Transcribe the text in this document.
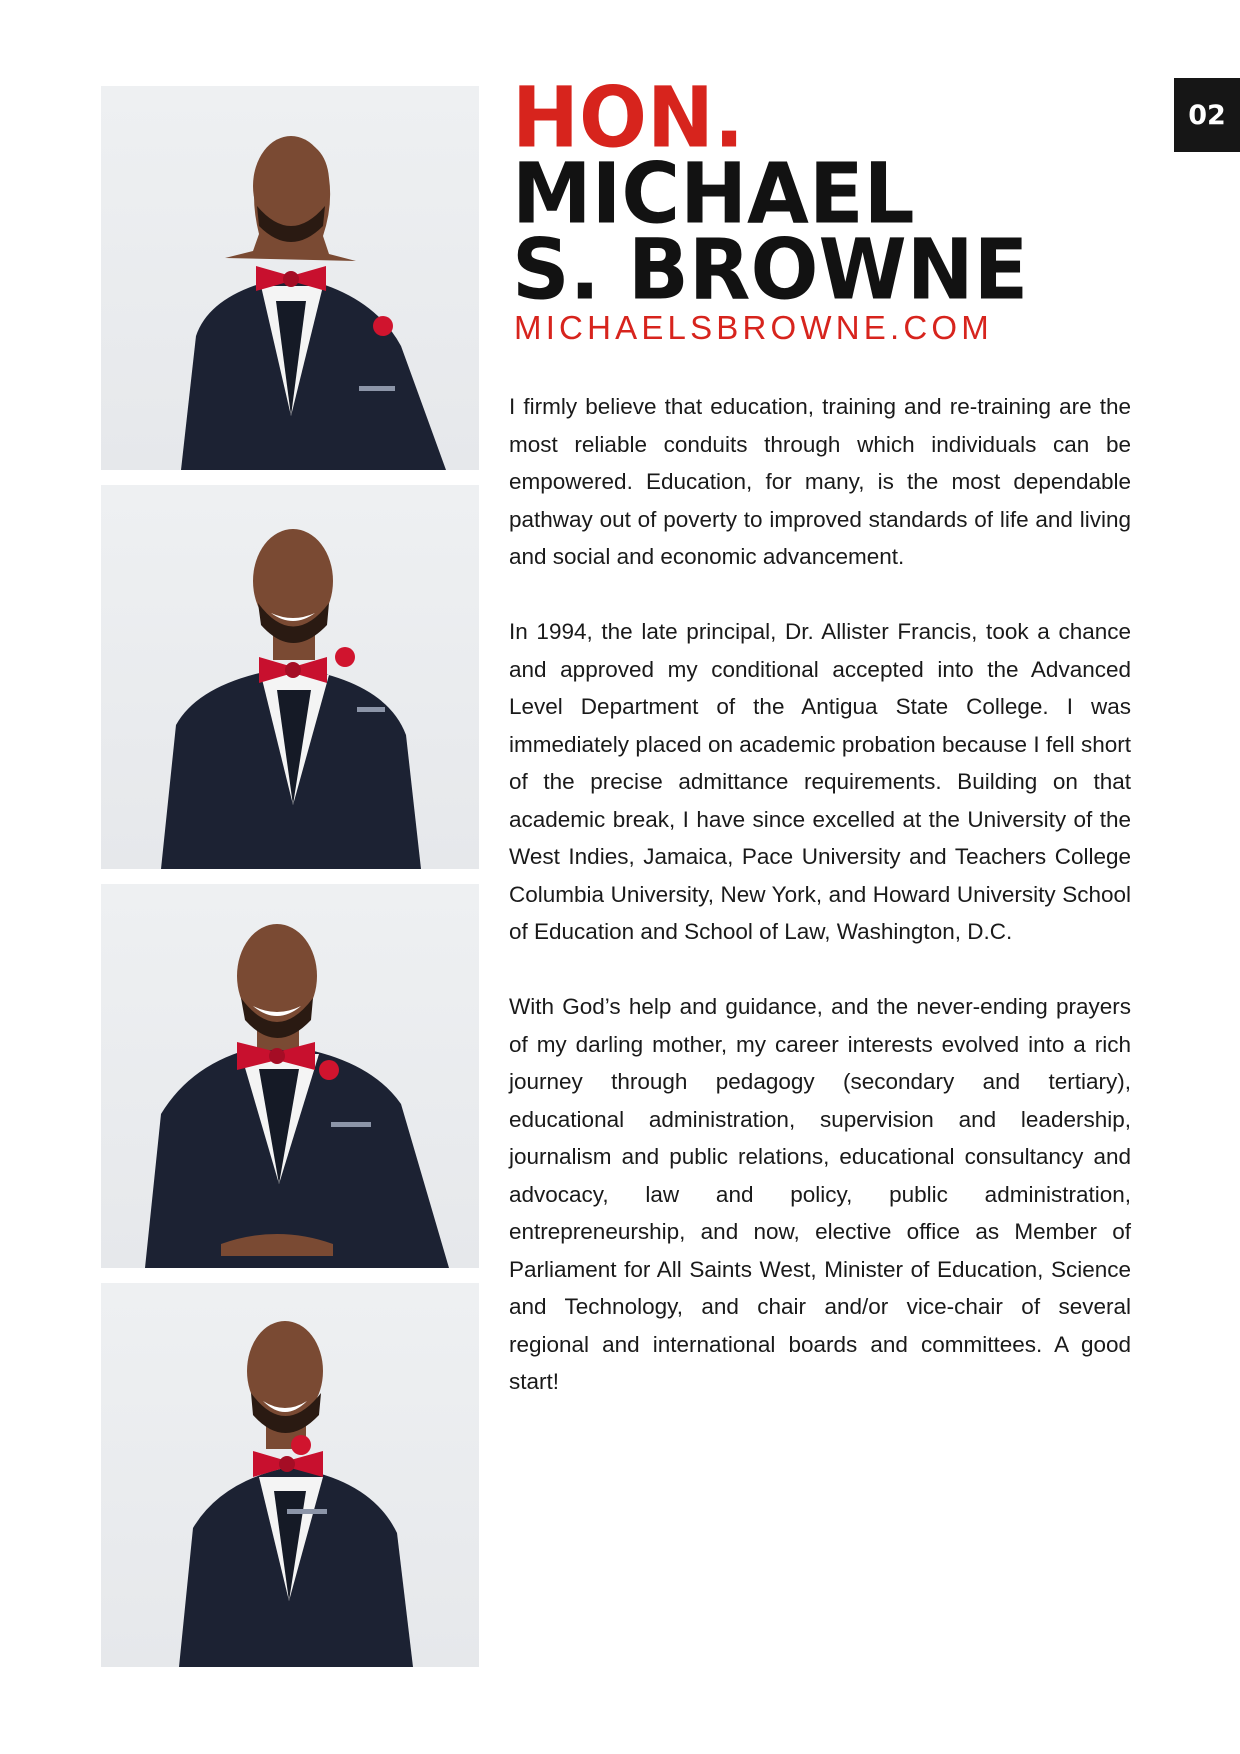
02
HON.
MICHAEL
S. BROWNE
MICHAELSBROWNE.COM

I firmly believe that education, training and re-training are the most reliable conduits through which individuals can be empowered. Education, for many, is the most dependable pathway out of poverty to improved standards of life and living and social and economic advancement.

In 1994, the late principal, Dr. Allister Francis, took a chance and approved my conditional accepted into the Advanced Level Department of the Antigua State College. I was immediately placed on academic probation because I fell short of the precise admittance requirements. Building on that academic break, I have since excelled at the University of the West Indies, Jamaica, Pace University and Teachers College Columbia University, New York, and Howard University School of Education and School of Law, Washington, D.C.

With God’s help and guidance, and the never-ending prayers of my darling mother, my career interests evolved into a rich journey through pedagogy (secondary and tertiary), educational administration, supervision and leadership, journalism and public relations, educational consultancy and advocacy, law and policy, public administration, entrepreneurship, and now, elective office as Member of Parliament for All Saints West, Minister of Education, Science and Technology, and chair and/or vice-chair of several regional and international boards and committees. A good start!
